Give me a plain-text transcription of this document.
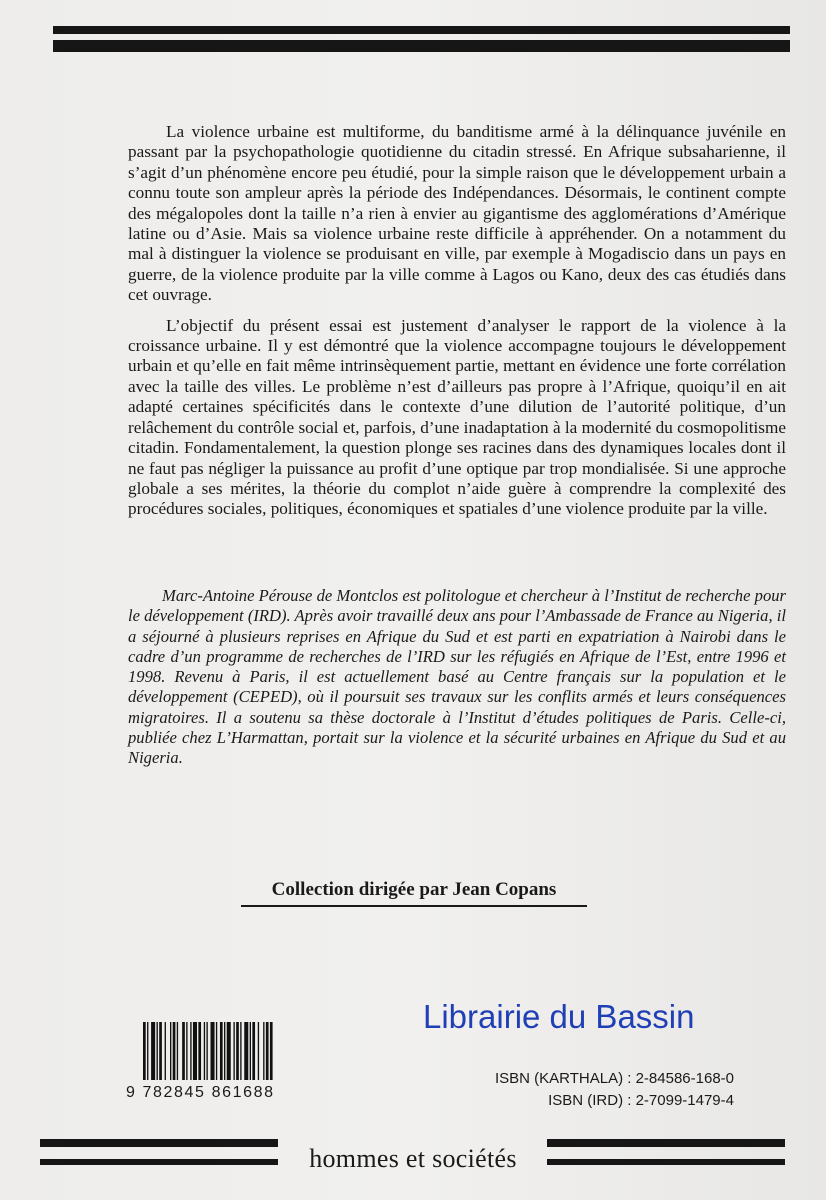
La violence urbaine est multiforme, du banditisme armé à la délinquance juvénile en passant par la psychopathologie quotidienne du citadin stressé. En Afrique subsaharienne, il s’agit d’un phénomène encore peu étudié, pour la simple raison que le développement urbain a connu toute son ampleur après la période des Indépendances. Désormais, le continent compte des mégalopoles dont la taille n’a rien à envier au gigantisme des agglomérations d’Amérique latine ou d’Asie. Mais sa violence urbaine reste difficile à appréhender. On a notamment du mal à distinguer la violence se produisant en ville, par exemple à Mogadiscio dans un pays en guerre, de la violence produite par la ville comme à Lagos ou Kano, deux des cas étudiés dans cet ouvrage.

L’objectif du présent essai est justement d’analyser le rapport de la violence à la croissance urbaine. Il y est démontré que la violence accompagne toujours le développement urbain et qu’elle en fait même intrinsèquement partie, mettant en évidence une forte corrélation avec la taille des villes. Le problème n’est d’ailleurs pas propre à l’Afrique, quoiqu’il en ait adapté certaines spécificités dans le contexte d’une dilution de l’autorité politique, d’un relâchement du contrôle social et, parfois, d’une inadaptation à la modernité du cosmopolitisme citadin. Fondamentalement, la question plonge ses racines dans des dynamiques locales dont il ne faut pas négliger la puissance au profit d’une optique par trop mondialisée. Si une approche globale a ses mérites, la théorie du complot n’aide guère à comprendre la complexité des procédures sociales, politiques, économiques et spatiales d’une violence produite par la ville.

Marc-Antoine Pérouse de Montclos est politologue et chercheur à l’Institut de recherche pour le développement (IRD). Après avoir travaillé deux ans pour l’Ambassade de France au Nigeria, il a séjourné à plusieurs reprises en Afrique du Sud et est parti en expatriation à Nairobi dans le cadre d’un programme de recherches de l’IRD sur les réfugiés en Afrique de l’Est, entre 1996 et 1998. Revenu à Paris, il est actuellement basé au Centre français sur la population et le développement (CEPED), où il poursuit ses travaux sur les conflits armés et leurs conséquences migratoires. Il a soutenu sa thèse doctorale à l’Institut d’études politiques de Paris. Celle-ci, publiée chez L’Harmattan, portait sur la violence et la sécurité urbaines en Afrique du Sud et au Nigeria.

Collection dirigée par Jean Copans
Librairie du Bassin
9 782845 861688
ISBN (KARTHALA) : 2-84586-168-0
ISBN (IRD) : 2-7099-1479-4
hommes et sociétés
